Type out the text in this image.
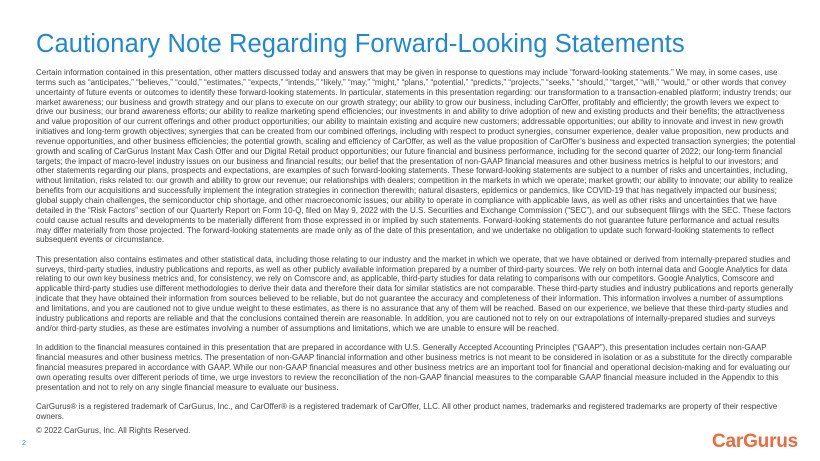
Cautionary Note Regarding Forward-Looking Statements

Certain information contained in this presentation, other matters discussed today and answers that may be given in response to questions may include “forward-looking statements.” We may, in some cases, use terms such as “anticipates,” “believes,” “could,” “estimates,” “expects,” “intends,” “likely,” “may,” “might,” “plans,” “potential,” “predicts,” “projects,” “seeks,” “should,” “target,” “will,” “would,” or other words that convey uncertainty of future events or outcomes to identify these forward-looking statements. In particular, statements in this presentation regarding: our transformation to a transaction-enabled platform; industry trends; our market awareness; our business and growth strategy and our plans to execute on our growth strategy; our ability to grow our business, including CarOffer, profitably and efficiently; the growth levers we expect to drive our business; our brand awareness efforts; our ability to realize marketing spend efficiencies; our investments in and ability to drive adoption of new and existing products and their benefits; the attractiveness and value proposition of our current offerings and other product opportunities; our ability to maintain existing and acquire new customers; addressable opportunities; our ability to innovate and invest in new growth initiatives and long-term growth objectives; synergies that can be created from our combined offerings, including with respect to product synergies, consumer experience, dealer value proposition, new products and revenue opportunities, and other business efficiencies; the potential growth, scaling and efficiency of CarOffer, as well as the value proposition of CarOffer’s business and expected transaction synergies; the potential growth and scaling of CarGurus Instant Max Cash Offer and our Digital Retail product opportunities; our future financial and business performance, including for the second quarter of 2022; our long-term financial targets; the impact of macro-level industry issues on our business and financial results; our belief that the presentation of non-GAAP financial measures and other business metrics is helpful to our investors; and other statements regarding our plans, prospects and expectations, are examples of such forward-looking statements. These forward-looking statements are subject to a number of risks and uncertainties, including, without limitation, risks related to: our growth and ability to grow our revenue; our relationships with dealers; competition in the markets in which we operate; market growth; our ability to innovate; our ability to realize benefits from our acquisitions and successfully implement the integration strategies in connection therewith; natural disasters, epidemics or pandemics, like COVID-19 that has negatively impacted our business; global supply chain challenges, the semiconductor chip shortage, and other macroeconomic issues; our ability to operate in compliance with applicable laws, as well as other risks and uncertainties that we have detailed in the “Risk Factors” section of our Quarterly Report on Form 10-Q, filed on May 9, 2022 with the U.S. Securities and Exchange Commission (“SEC”), and our subsequent filings with the SEC. These factors could cause actual results and developments to be materially different from those expressed in or implied by such statements. Forward-looking statements do not guarantee future performance and actual results may differ materially from those projected. The forward-looking statements are made only as of the date of this presentation, and we undertake no obligation to update such forward-looking statements to reflect subsequent events or circumstance.

This presentation also contains estimates and other statistical data, including those relating to our industry and the market in which we operate, that we have obtained or derived from internally-prepared studies and surveys, third-party studies, industry publications and reports, as well as other publicly available information prepared by a number of third-party sources. We rely on both internal data and Google Analytics for data relating to our own key business metrics and, for consistency, we rely on Comscore and, as applicable, third-party studies for data relating to comparisons with our competitors. Google Analytics, Comscore and applicable third-party studies use different methodologies to derive their data and therefore their data for similar statistics are not comparable. These third-party studies and industry publications and reports generally indicate that they have obtained their information from sources believed to be reliable, but do not guarantee the accuracy and completeness of their information. This information involves a number of assumptions and limitations, and you are cautioned not to give undue weight to these estimates, as there is no assurance that any of them will be reached. Based on our experience, we believe that these third-party studies and industry publications and reports are reliable and that the conclusions contained therein are reasonable. In addition, you are cautioned not to rely on our extrapolations of internally-prepared studies and surveys and/or third-party studies, as these are estimates involving a number of assumptions and limitations, which we are unable to ensure will be reached.

In addition to the financial measures contained in this presentation that are prepared in accordance with U.S. Generally Accepted Accounting Principles (“GAAP”), this presentation includes certain non-GAAP financial measures and other business metrics. The presentation of non-GAAP financial information and other business metrics is not meant to be considered in isolation or as a substitute for the directly comparable financial measures prepared in accordance with GAAP. While our non-GAAP financial measures and other business metrics are an important tool for financial and operational decision-making and for evaluating our own operating results over different periods of time, we urge investors to review the reconciliation of the non-GAAP financial measures to the comparable GAAP financial measure included in the Appendix to this presentation and not to rely on any single financial measure to evaluate our business.

CarGurus® is a registered trademark of CarGurus, Inc., and CarOffer® is a registered trademark of CarOffer, LLC. All other product names, trademarks and registered trademarks are property of their respective owners.

© 2022 CarGurus, Inc. All Rights Reserved.
2	CarGurus
